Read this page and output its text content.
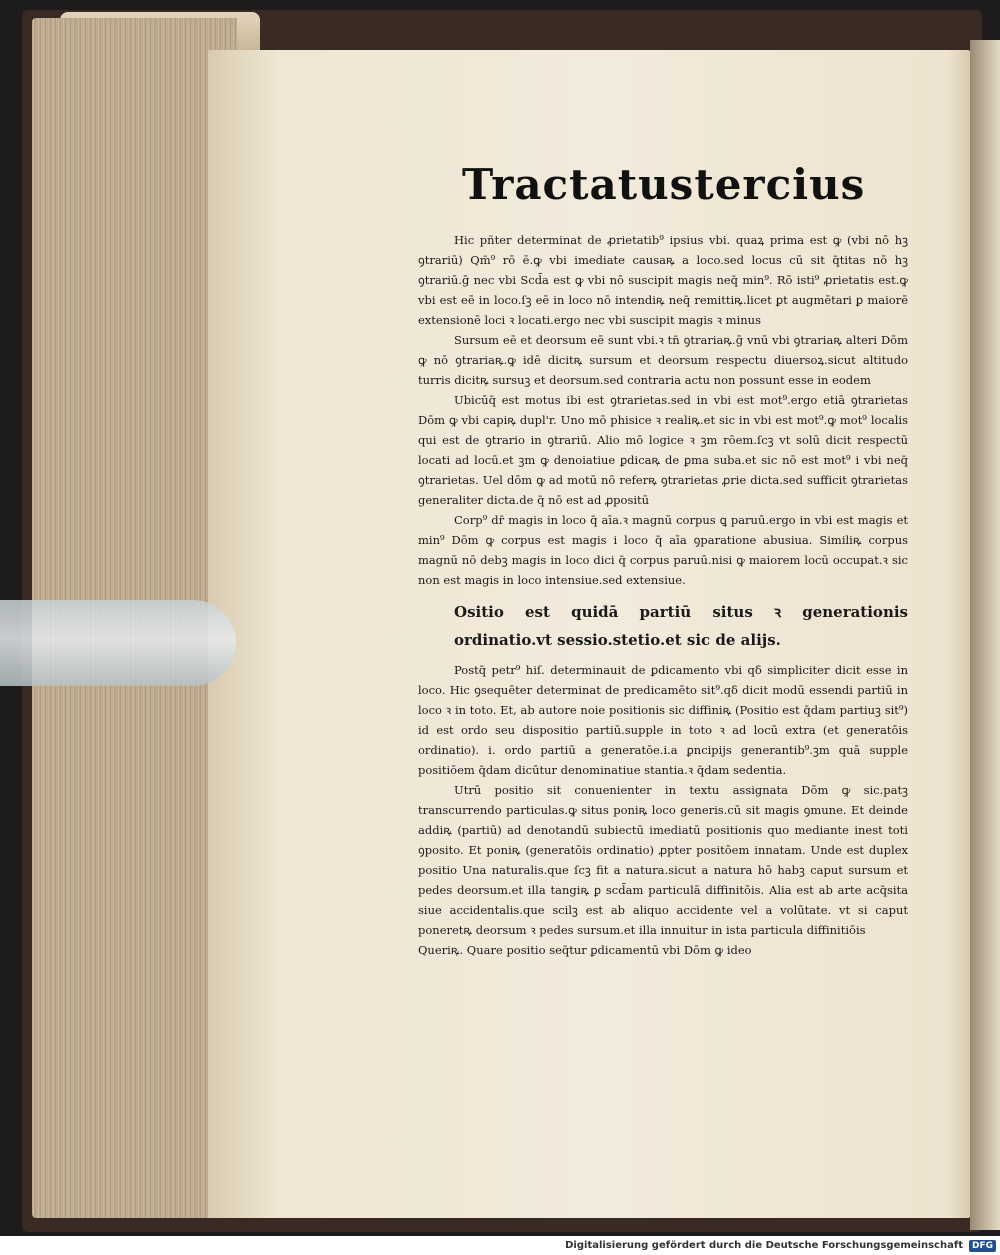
Tractatus tercius

Hic pñter determinat de ꝓrietatib⁹ ipsius vbi. quaꝝ prima est ꝙ (vbi nō hꝫ ꝯtrariū) Qm̄⁹ rō ē.ꝙ vbi imediate causaꝶ a loco.sed locus cū sit q̄titas nō hꝫ ꝯtrariū.ḡ nec vbi Scd̄a est ꝙ vbi nō suscipit magis neq̄ min⁹. Rō isti⁹ ꝓrietatis est.ꝙ vbi est eē in loco.ſꝫ eē in loco nō intendiꝶ neq̄ remittiꝶ.licet ꝑt augmētari ꝑ maiorē extensionē loci ꝛ locati.ergo nec vbi suscipit magis ꝛ minus

Sursum eē et deorsum eē sunt vbi.ꝛ tn̄ ꝯtrariaꝶ.ḡ vnū vbi ꝯtrariaꝶ alteri Dōm ꝙ nō ꝯtrariaꝶ.ꝙ idē dicitꝶ sursum et deorsum respectu diuersoꝝ.sicut altitudo turris dicitꝶ sursuꝫ et deorsum.sed contraria actu non possunt esse in eodem

Ubicūq̄ est motus ibi est ꝯtrarietas.sed in vbi est mot⁹.ergo etiā ꝯtrarietas Dōm ꝙ vbi capiꝶ dupl'r. Uno mō phisice ꝛ realiꝶ.et sic in vbi est mot⁹.ꝙ mot⁹ localis qui est de ꝯtrario in ꝯtrariū. Alio mō logice ꝛ ꝫm rōem.ſcꝫ vt solū dicit respectū locati ad locū.et ꝫm ꝙ denoiatiue ꝑdicaꝶ de ꝑma suba.et sic nō est mot⁹ i vbi neq̄ ꝯtrarietas. Uel dōm ꝙ ad motū nō referꝶ ꝯtrarietas ꝓrie dicta.sed sufficit ꝯtrarietas generaliter dicta.de q̄ nō est ad ꝓpositū

Corp⁹ dr̄ magis in loco q̄ aīa.ꝛ magnū corpus ꝗ paruū.ergo in vbi est magis et min⁹ Dōm ꝙ corpus est magis i loco q̄ aīa ꝯparatione abusiua. Similiꝶ corpus magnū nō debꝫ magis in loco dici q̄ corpus paruū.nisi ꝙ maiorem locū occupat.ꝛ sic non est magis in loco intensiue.sed extensiue.

Ositio est quidā partiū situs ꝛ generationis ordinatio.vt sessio.stetio.et sic de alijs.

Postq̄ petr⁹ hiſ. determinauit de ꝑdicamento vbi qδ simpliciter dicit esse in loco. Hic ꝯsequēter determinat de predicamēto sit⁹.qδ dicit modū essendi partiū in loco ꝛ in toto. Et, ab autore noie positionis sic diffiniꝶ (Positio est q̄dam partiuꝫ sit⁹) id est ordo seu dispositio partiū.supple in toto ꝛ ad locū extra (et generatōis ordinatio). i. ordo partiū a generatōe.i.a ꝑncipijs generantib⁹.ꝫm quā supple positiōem q̄dam dicūtur denominatiue stantia.ꝛ q̄dam sedentia.

Utrū positio sit conuenienter in textu assignata Dōm ꝙ sic.patꝫ transcurrendo particulas.ꝙ situs poniꝶ loco generis.cū sit magis ꝯmune. Et deinde addiꝶ (partiū) ad denotandū subiectū imediatū positionis quo mediante inest toti ꝯposito. Et poniꝶ (generatōis ordinatio) ꝓpter positōem innatam. Unde est duplex positio Una naturalis.que ſcꝫ fit a natura.sicut a natura hō habꝫ caput sursum et pedes deorsum.et illa tangiꝶ ꝑ scd̄am particulā diffinitōis. Alia est ab arte acq̄sita siue accidentalis.que scilꝫ est ab aliquo accidente vel a volūtate. vt si caput poneretꝶ deorsum ꝛ pedes sursum.et illa innuitur in ista particula diffinitiōis

Queriꝶ. Quare positio seq̄tur ꝑdicamentū vbi Dōm ꝙ ideo

Digitalisierung gefördert durch die Deutsche Forschungsgemeinschaft	DFG
